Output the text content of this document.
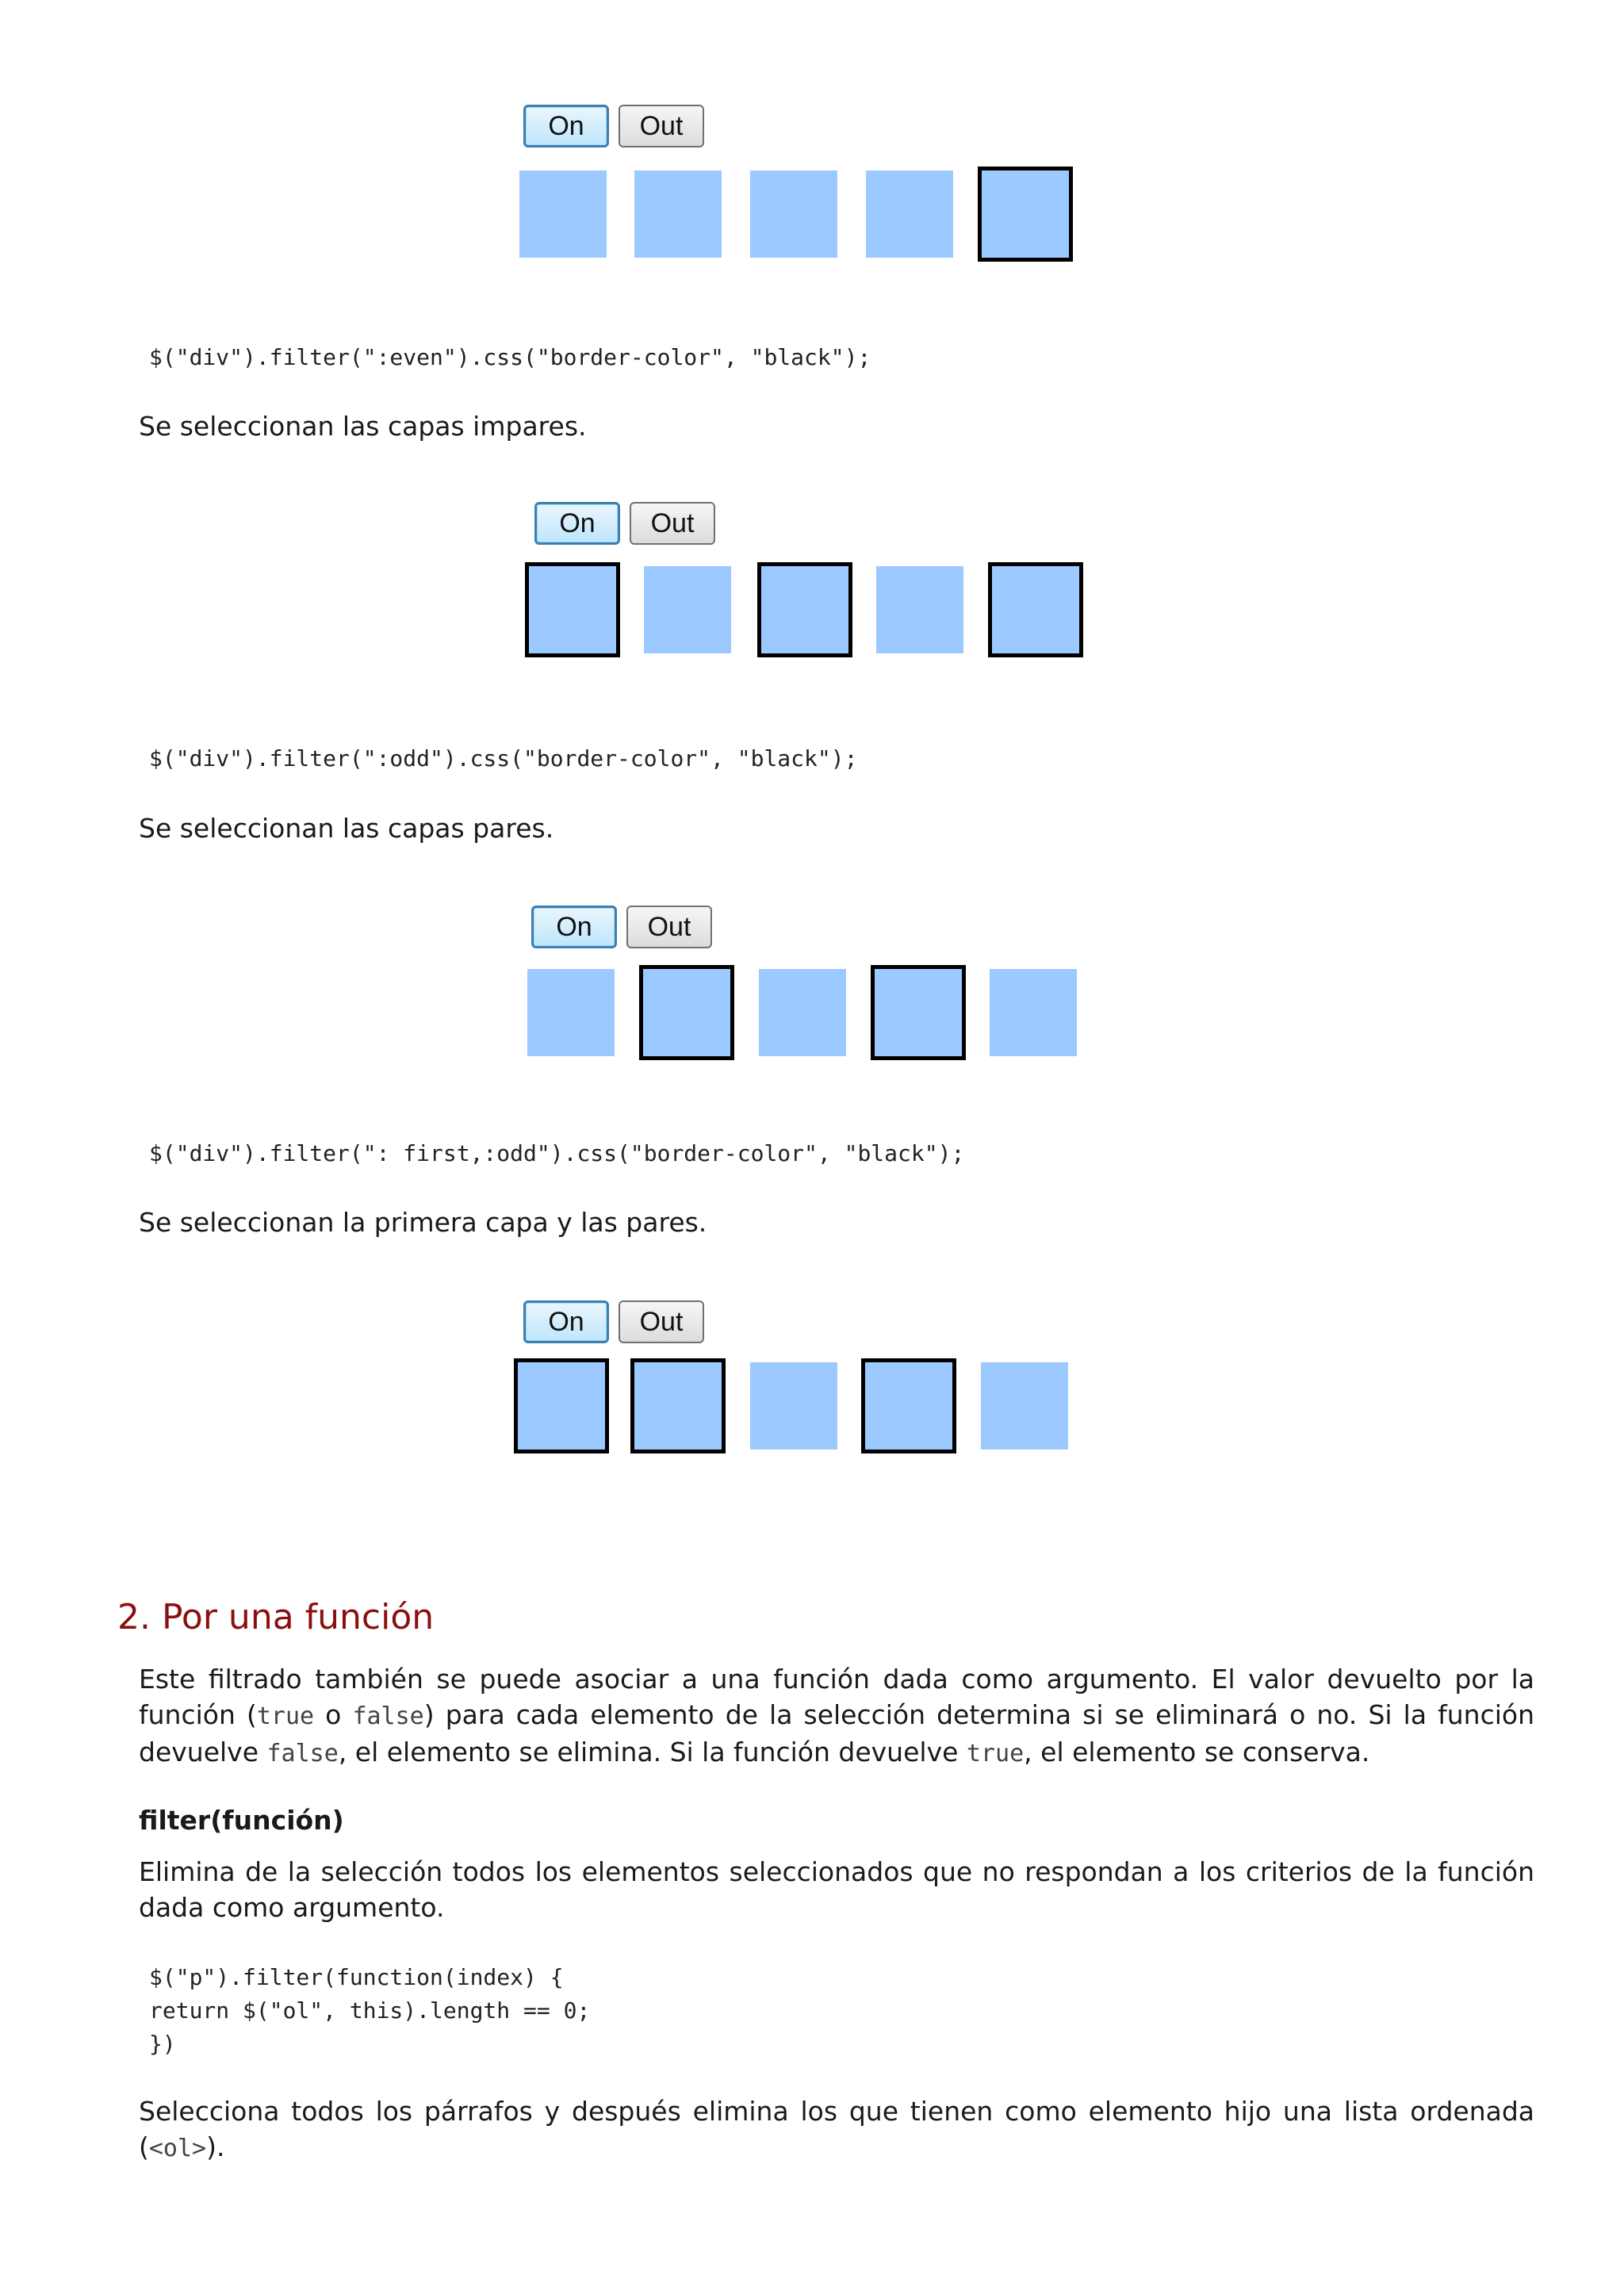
On	Out
$("div").filter(":even").css("border-color", "black");

Se seleccionan las capas impares.

On	Out
$("div").filter(":odd").css("border-color", "black");

Se seleccionan las capas pares.

On	Out
$("div").filter(": first,:odd").css("border-color", "black");

Se seleccionan la primera capa y las pares.

On	Out
2. Por una función

Este filtrado también se puede asociar a una función dada como argumento. El valor devuelto por la función (true o false) para cada elemento de la selección determina si se eliminará o no. Si la función devuelve false, el elemento se elimina. Si la función devuelve true, el elemento se conserva.

filter(función)

Elimina de la selección todos los elementos seleccionados que no respondan a los criterios de la función dada como argumento.

$("p").filter(function(index) {
return $("ol", this).length == 0;
})

Selecciona todos los párrafos y después elimina los que tienen como elemento hijo una lista ordenada (<ol>).
